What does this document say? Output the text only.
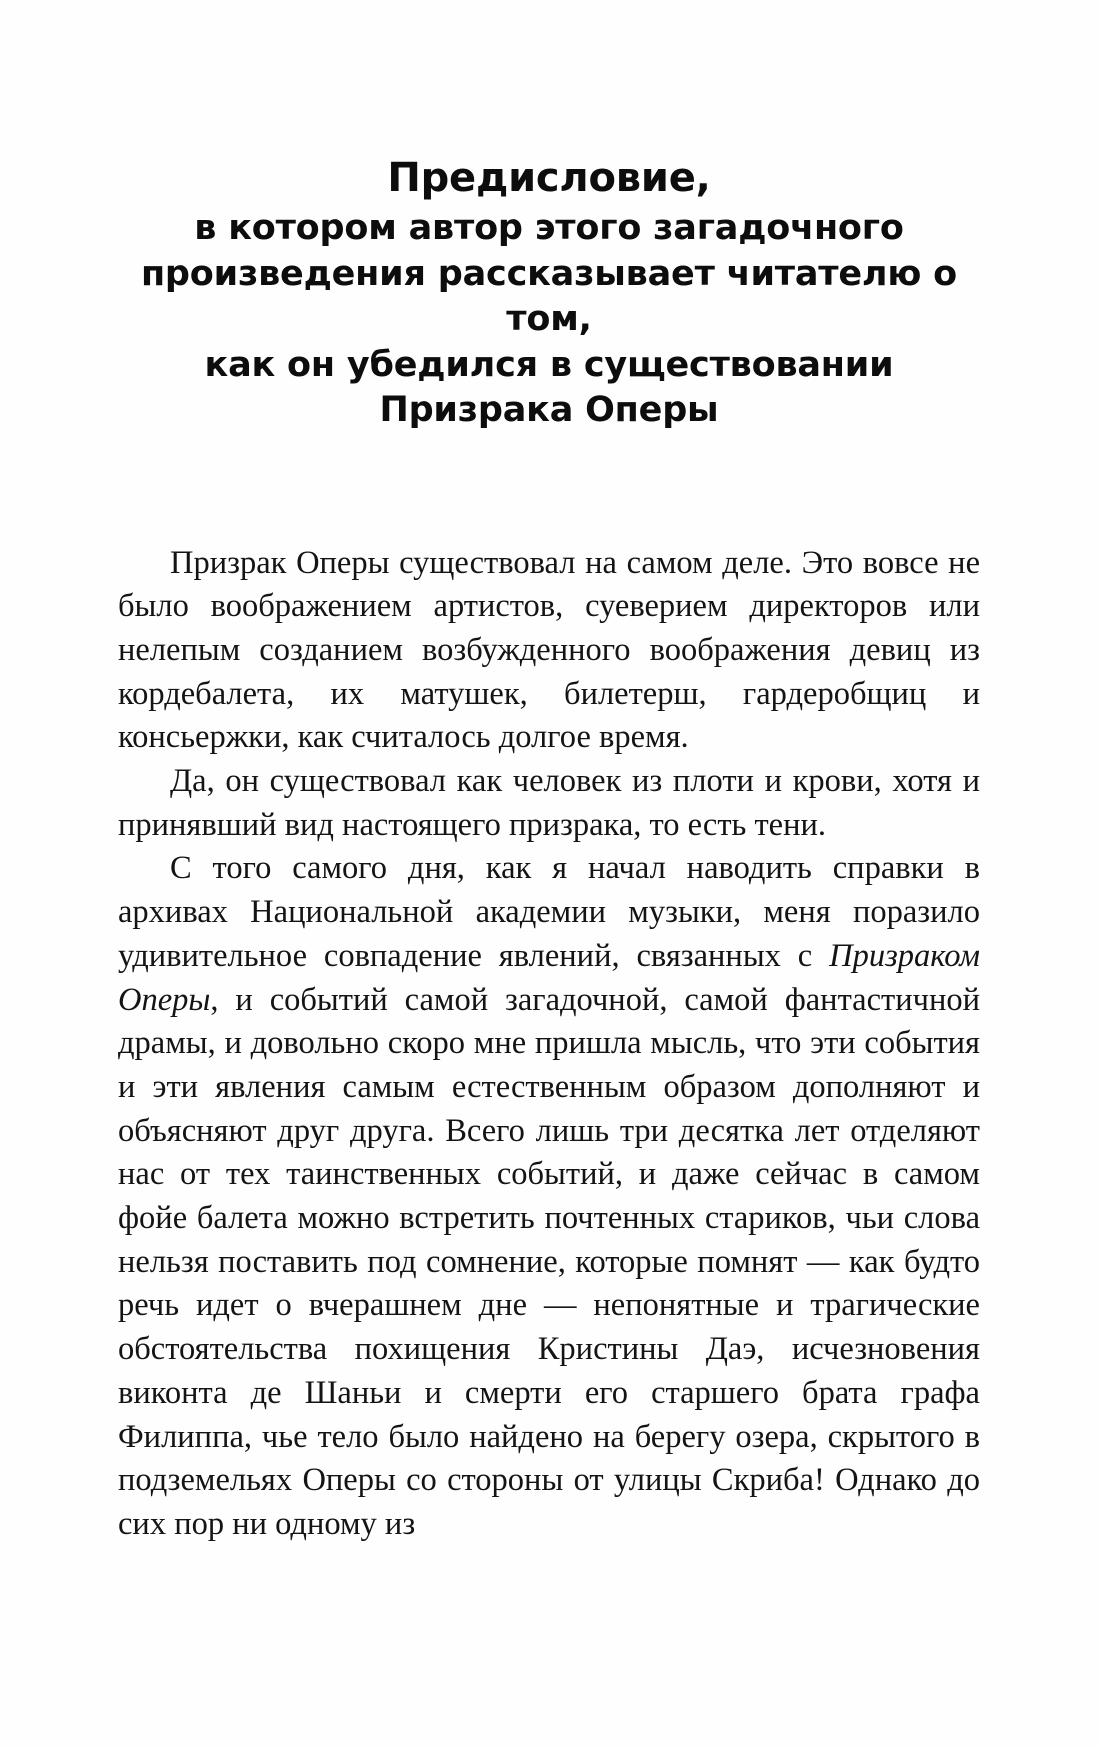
Предисловие,
в котором автор этого загадочного
произведения рассказывает читателю о том,
как он убедился в существовании
Призрака Оперы

Призрак Оперы существовал на самом деле. Это вовсе не было воображением артистов, суеверием директоров или нелепым созданием возбужденного воображения девиц из кордебалета, их матушек, билетерш, гардеробщиц и консьержки, как считалось долгое время.

Да, он существовал как человек из плоти и крови, хотя и принявший вид настоящего призрака, то есть тени.

С того самого дня, как я начал наводить справки в архивах Национальной академии музыки, меня поразило удивительное совпадение явлений, связанных с Призраком Оперы, и событий самой загадочной, самой фантастичной драмы, и довольно скоро мне пришла мысль, что эти события и эти явления самым естественным образом дополняют и объясняют друг друга. Всего лишь три десятка лет отделяют нас от тех таинственных событий, и даже сейчас в самом фойе балета можно встретить почтенных стариков, чьи слова нельзя поставить под сомнение, которые помнят — как будто речь идет о вчерашнем дне — непонятные и трагические обстоятельства похищения Кристины Даэ, исчезновения виконта де Шаньи и смерти его старшего брата графа Филиппа, чье тело было найдено на берегу озера, скрытого в подземельях Оперы со стороны от улицы Скриба! Однако до сих пор ни одному из
